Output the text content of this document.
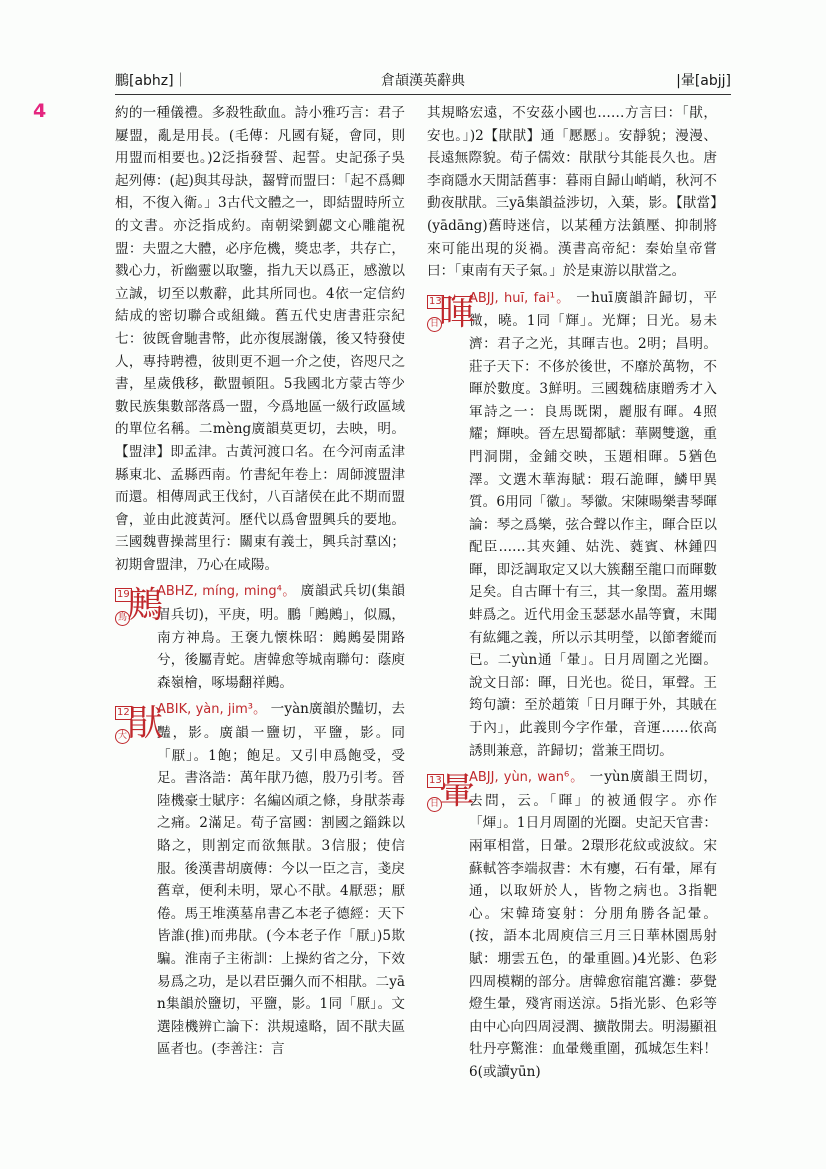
鵬[abhz]｜	倉頡漢英辭典	|暈[abjj]
4	約的一種儀禮。多殺牲歃血。詩小雅巧言：君子屢盟，亂是用長。(毛傳：凡國有疑，會同，則用盟而相要也。)2泛指發誓、起誓。史記孫子吳起列傳：(起)與其母訣，齧臂而盟曰：「起不爲卿相，不復入衛。」3古代文體之一，即結盟時所立的文書。亦泛指成約。南朝梁劉勰文心雕龍祝盟：夫盟之大體，必序危機，獎忠孝，共存亡，戮心力，祈幽靈以取鑒，指九天以爲正，感激以立誠，切至以敷辭，此其所同也。4依一定信約結成的密切聯合或組織。舊五代史唐書莊宗紀七：彼旣會馳書幣，此亦復展謝儀，後又特發使人，專持聘禮，彼則更不迴一介之使，咨咫尺之書，星歲俄移，歡盟頓阻。5我國北方蒙古等少數民族集數部落爲一盟，今爲地區一級行政區域的單位名稱。二mèng廣韻莫更切，去映，明。【盟津】即孟津。古黃河渡口名。在今河南孟津縣東北、孟縣西南。竹書紀年卷上：周師渡盟津而還。相傳周武王伐紂，八百諸侯在此不期而盟會，並由此渡黃河。歷代以爲會盟興兵的要地。三國魏曹操蒿里行：關東有義士，興兵討羣凶；初期會盟津，乃心在咸陽。

19
鳥 鶊
ABHZ, míng, ming⁴。 廣韻武兵切(集韻眉兵切)，平庚，明。鵬「鶊鶊」，似鳳，南方神鳥。王褒九懷株昭：鶊鶊晏開路兮，後屬青蛇。唐韓愈等城南聯句：蔭庾森嶺檜，啄場翻祥鶊。
12
大 猒
ABIK, yàn, jim³。 一yàn廣韻於豔切，去豔，影。廣韻一鹽切，平鹽，影。同「厭」。1飽；飽足。又引申爲飽受，受足。書洛誥：萬年猒乃德，殷乃引考。晉陸機豪士賦序：名編凶頑之條，身猒荼毒之痛。2滿足。荀子富國：割國之錙銖以賂之，則割定而欲無猒。3信服；使信服。後漢書胡廣傳：今以一臣之言，戔戾舊章，便利未明，眾心不猒。4厭惡；厭倦。馬王堆漢墓帛書乙本老子德經：天下皆誰(推)而弗猒。(今本老子作「厭」)5欺騙。淮南子主術訓：上操約省之分，下效易爲之功，是以君臣彌久而不相猒。二yān集韻於鹽切，平鹽，影。1同「厭」。文選陸機辨亡論下：洪規遠略，固不猒夫區區者也。(李善注：言

其規略宏遠，不安茲小國也……方言曰：「猒，安也。」)2【猒猒】通「懕懕」。安靜貌；漫漫、長遠無際貌。荀子儒效：猒猒兮其能長久也。唐李商隱水天閒話舊事：暮雨自歸山峭峭，秋河不動夜猒猒。三yā集韻益涉切，入葉，影。【猒當】(yādāng)舊時迷信，以某種方法鎮壓、抑制將來可能出現的災禍。漢書高帝紀：秦始皇帝嘗曰：「東南有天子氣。」於是東游以猒當之。

13
日 暉
ABJJ, huī, fai¹。 一huī廣韻許歸切，平微，曉。1同「輝」。光輝；日光。易未濟：君子之光，其暉吉也。2明；昌明。莊子天下：不侈於後世，不靡於萬物，不暉於數度。3鮮明。三國魏嵇康贈秀才入軍詩之一：良馬既閑，麗服有暉。4照耀；輝映。晉左思蜀都賦：華闕雙邈，重門洞開，金鋪交映，玉題相暉。5猶色澤。文選木華海賦：瑕石詭暉，鱗甲異質。6用同「徽」。琴徽。宋陳暘樂書琴暉論：琴之爲樂，弦合聲以作主，暉合臣以配臣……其夾鍾、姑洗、蕤賓、林鍾四暉，即泛調取定又以大簇翻至龍口而暉數足矣。自古暉十有三，其一象閏。蓋用螺蚌爲之。近代用金玉瑟瑟水晶等寶，末聞有紘繩之義，所以示其明瑩，以節奢縱而已。二yùn通「暈」。日月周圍之光圈。說文日部：暉，日光也。從日，軍聲。王筠句讀：至於趙策「日月暉于外，其賊在于內」，此義則今字作暈，音運……依高誘則兼意，許歸切；當兼王問切。
13
日 暈
ABJJ, yùn, wan⁶。 一yùn廣韻王問切，去問，云。「暉」的被通假字。亦作「煇」。1日月周圍的光圈。史記天官書：兩軍相當，日暈。2環形花紋或波紋。宋蘇軾答李端叔書：木有癭，石有暈，犀有通，以取妍於人，皆物之病也。3指靶心。宋韓琦宴射：分朋角勝各記暈。(按，語本北周庾信三月三日華林園馬射賦：堋雲五色，的暈重圓。)4光影、色彩四周模糊的部分。唐韓愈宿龍宮灘：夢覺燈生暈，殘宵雨送涼。5指光影、色彩等由中心向四周浸潤、擴散開去。明湯顯祖牡丹亭驚淮：血暈幾重圍，孤城怎生料！6(或讀yūn)
